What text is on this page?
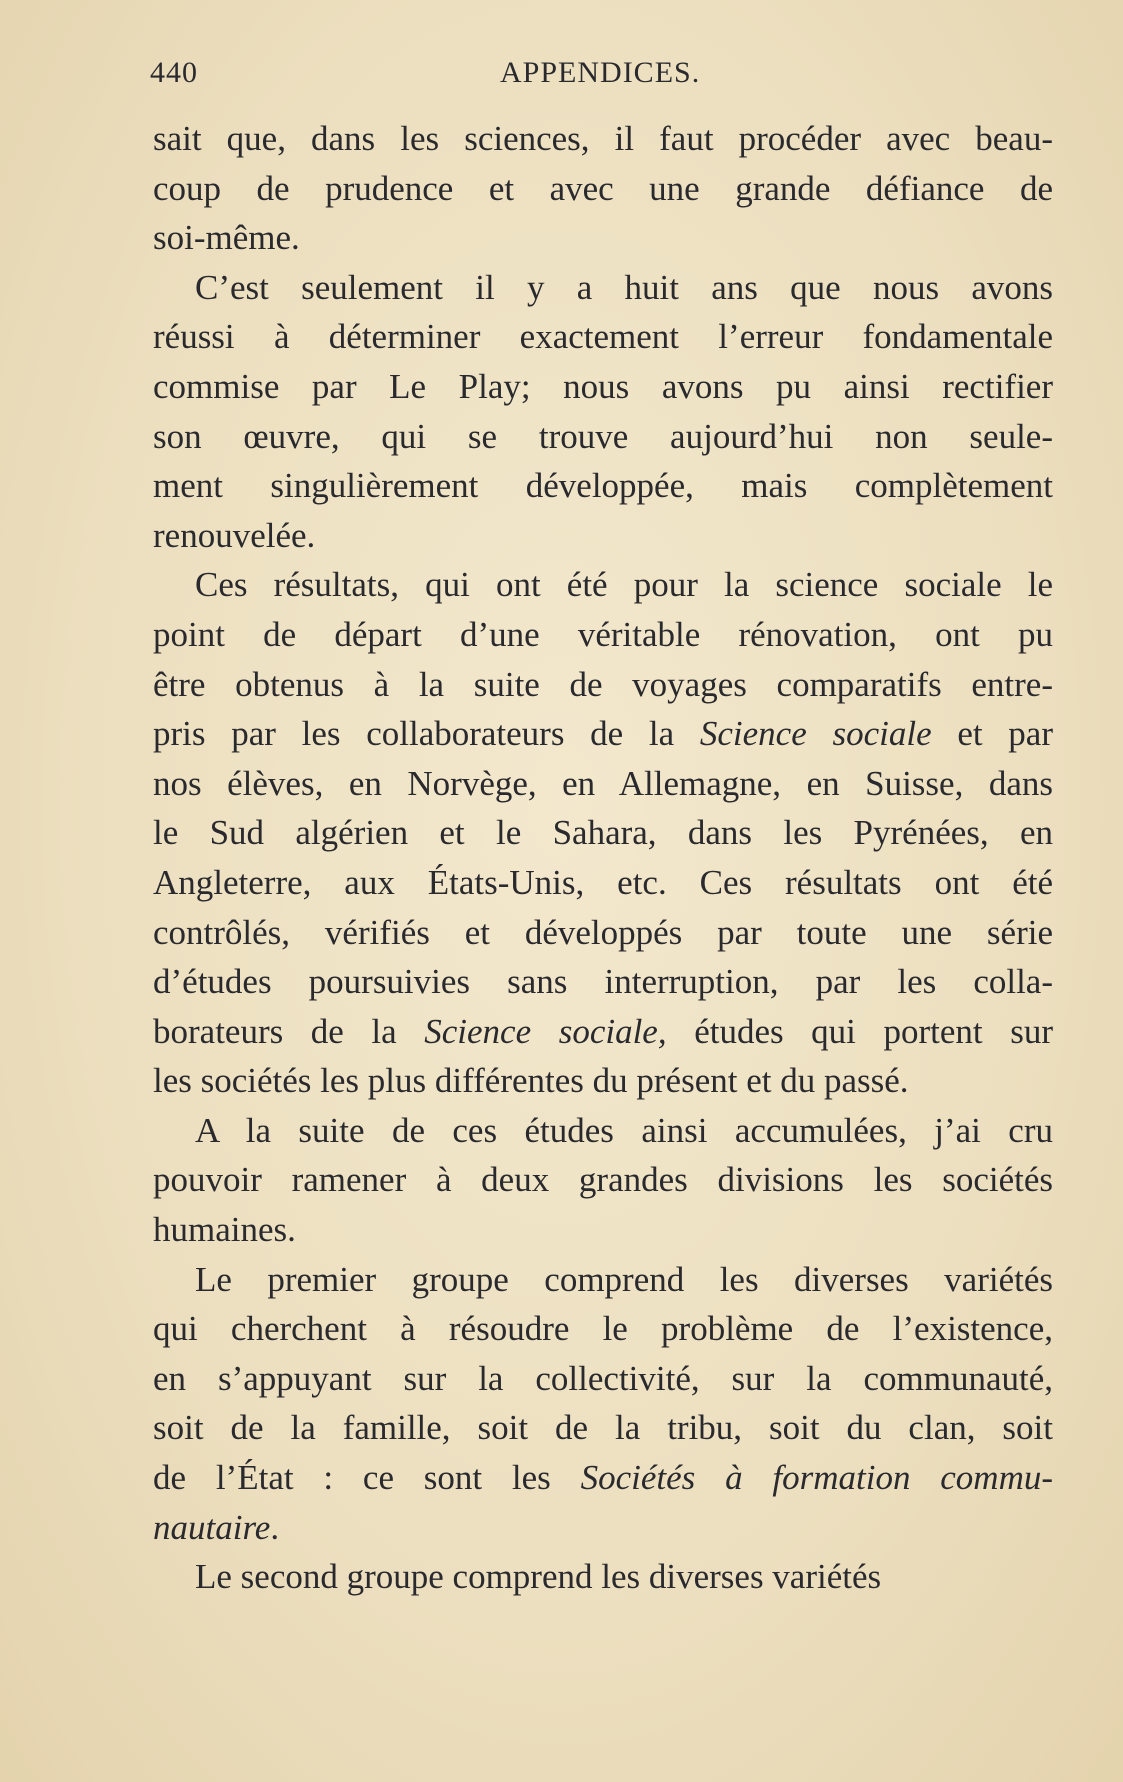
440	APPENDICES.
sait que, dans les sciences, il faut procéder avec beau-
coup de prudence et avec une grande défiance de
soi-même.
C’est seulement il y a huit ans que nous avons
réussi à déterminer exactement l’erreur fondamentale
commise par Le Play; nous avons pu ainsi rectifier
son œuvre, qui se trouve aujourd’hui non seule-
ment singulièrement développée, mais complètement
renouvelée.
Ces résultats, qui ont été pour la science sociale le
point de départ d’une véritable rénovation, ont pu
être obtenus à la suite de voyages comparatifs entre-
pris par les collaborateurs de la Science sociale et par
nos élèves, en Norvège, en Allemagne, en Suisse, dans
le Sud algérien et le Sahara, dans les Pyrénées, en
Angleterre, aux États-Unis, etc. Ces résultats ont été
contrôlés, vérifiés et développés par toute une série
d’études poursuivies sans interruption, par les colla-
borateurs de la Science sociale, études qui portent sur
les sociétés les plus différentes du présent et du passé.
A la suite de ces études ainsi accumulées, j’ai cru
pouvoir ramener à deux grandes divisions les sociétés
humaines.
Le premier groupe comprend les diverses variétés
qui cherchent à résoudre le problème de l’existence,
en s’appuyant sur la collectivité, sur la communauté,
soit de la famille, soit de la tribu, soit du clan, soit
de l’État : ce sont les Sociétés à formation commu-
nautaire.
Le second groupe comprend les diverses variétés
